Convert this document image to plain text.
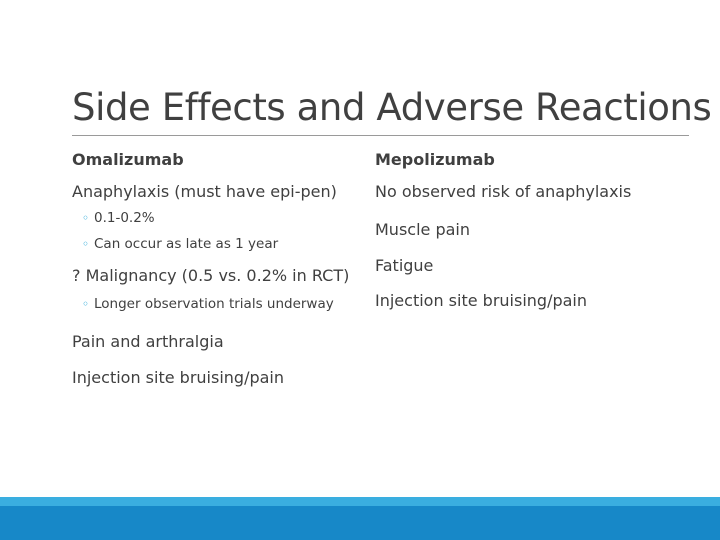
Side Effects and Adverse Reactions
Omalizumab
Anaphylaxis (must have epi-pen)
◦ 0.1-0.2%
◦ Can occur as late as 1 year
? Malignancy (0.5 vs. 0.2% in RCT)
◦ Longer observation trials underway
Pain and arthralgia
Injection site bruising/pain
Mepolizumab
No observed risk of anaphylaxis
Muscle pain
Fatigue
Injection site bruising/pain
